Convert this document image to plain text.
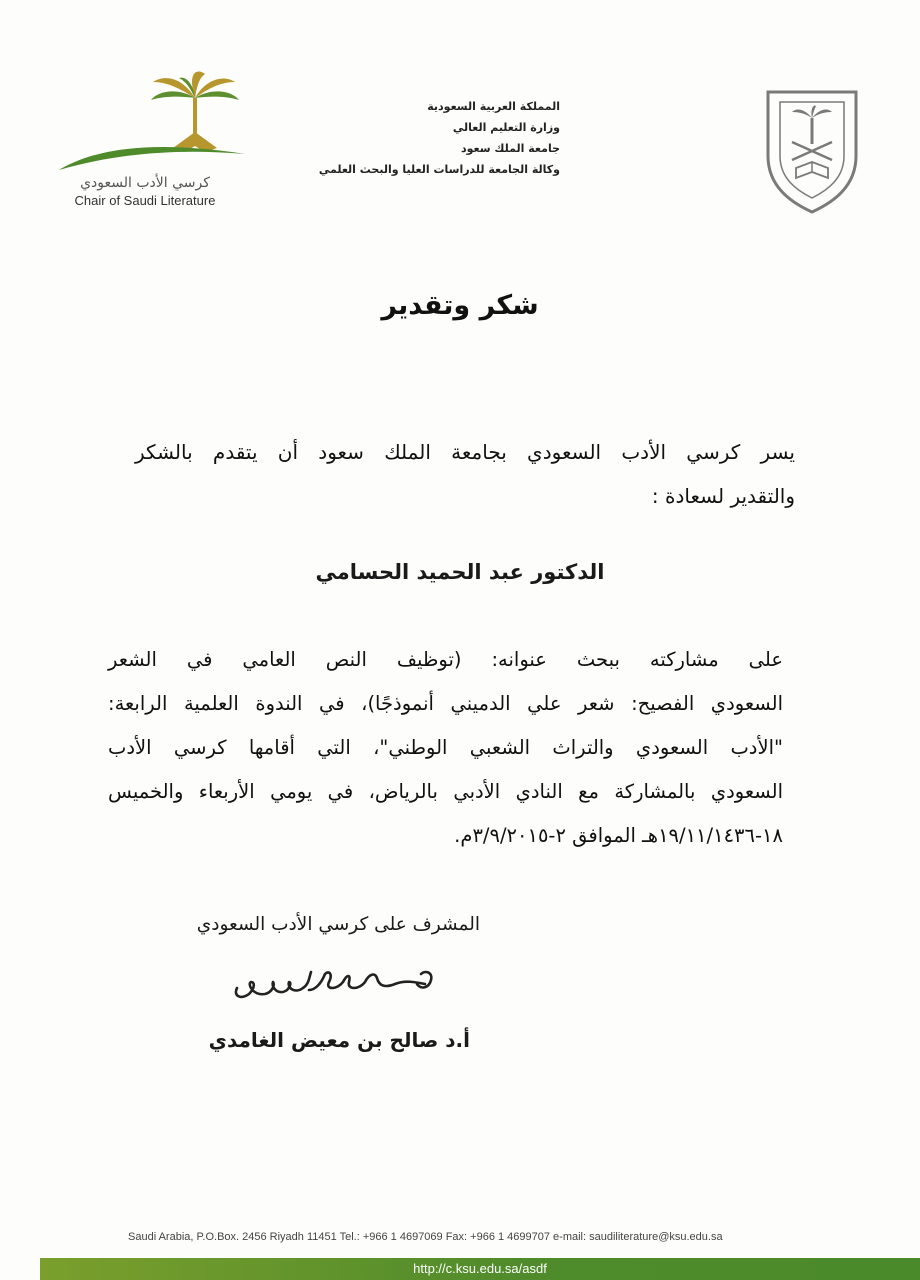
كرسي الأدب السعودي
Chair of Saudi Literature
المملكة العربية السعودية
وزارة التعليم العالي
جامعة الملك سعود
وكالة الجامعة للدراسات العليا والبحث العلمي
شكر وتقدير
يسر كرسي الأدب السعودي بجامعة الملك سعود أن يتقدم بالشكر
والتقدير لسعادة :
الدكتور عبد الحميد الحسامي
على مشاركته ببحث عنوانه: (توظيف النص العامي في الشعر
السعودي الفصيح: شعر علي الدميني أنموذجًا)، في الندوة العلمية الرابعة:
"الأدب السعودي والتراث الشعبي الوطني"، التي أقامها كرسي الأدب
السعودي بالمشاركة مع النادي الأدبي بالرياض، في يومي الأربعاء والخميس
١٨-١٩/١١/١٤٣٦هـ الموافق ٢-٣/٩/٢٠١٥م.
المشرف على كرسي الأدب السعودي
أ.د صالح بن معيض الغامدي
Saudi Arabia, P.O.Box. 2456 Riyadh 11451 Tel.: +966 1 4697069 Fax: +966 1 4699707 e-mail: saudiliterature@ksu.edu.sa
http://c.ksu.edu.sa/asdf
